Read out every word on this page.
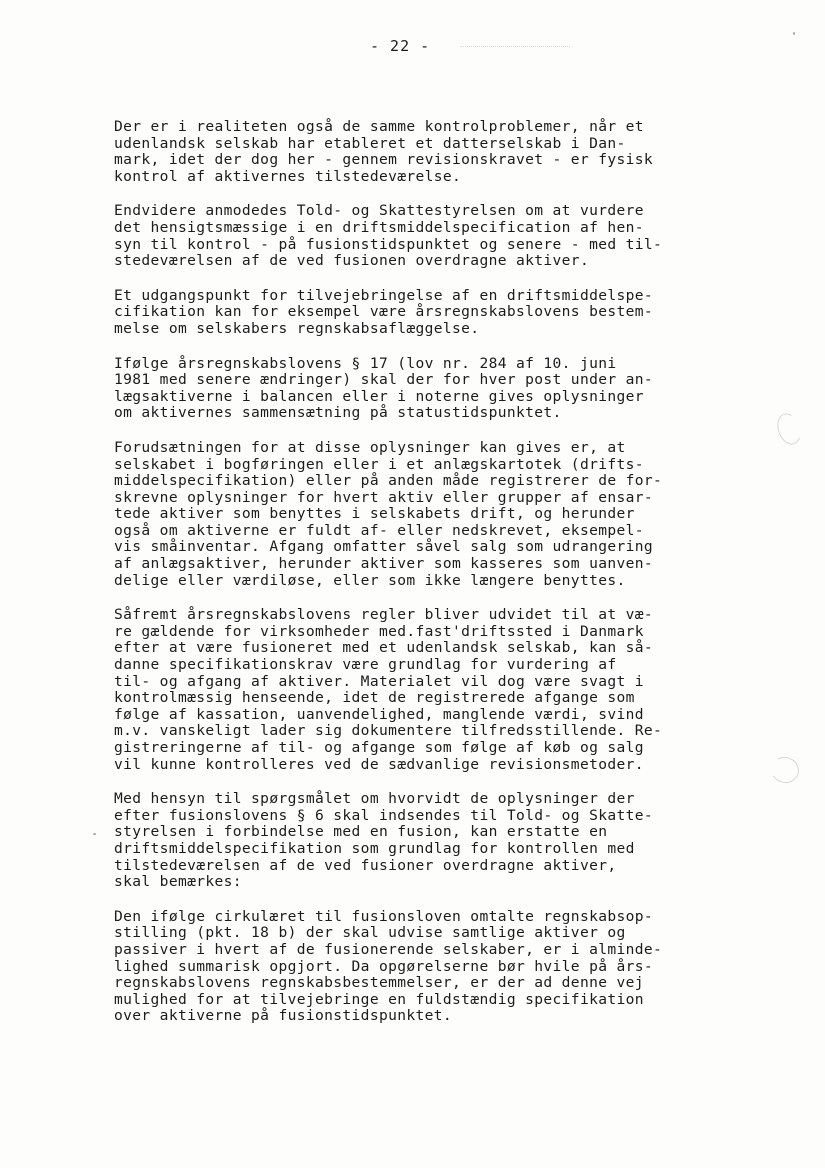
- 22 -
Der er i realiteten også de samme kontrolproblemer, når et
udenlandsk selskab har etableret et datterselskab i Dan-
mark, idet der dog her - gennem revisionskravet - er fysisk
kontrol af aktivernes tilstedeværelse.
Endvidere anmodedes Told- og Skattestyrelsen om at vurdere
det hensigtsmæssige i en driftsmiddelspecification af hen-
syn til kontrol - på fusionstidspunktet og senere - med til-
stedeværelsen af de ved fusionen overdragne aktiver.
Et udgangspunkt for tilvejebringelse af en driftsmiddelspe-
cifikation kan for eksempel være årsregnskabslovens bestem-
melse om selskabers regnskabsaflæggelse.
Ifølge årsregnskabslovens § 17 (lov nr. 284 af 10. juni
1981 med senere ændringer) skal der for hver post under an-
lægsaktiverne i balancen eller i noterne gives oplysninger
om aktivernes sammensætning på statustidspunktet.
Forudsætningen for at disse oplysninger kan gives er, at
selskabet i bogføringen eller i et anlægskartotek (drifts-
middelspecifikation) eller på anden måde registrerer de for-
skrevne oplysninger for hvert aktiv eller grupper af ensar-
tede aktiver som benyttes i selskabets drift, og herunder
også om aktiverne er fuldt af- eller nedskrevet, eksempel-
vis småinventar. Afgang omfatter såvel salg som udrangering
af anlægsaktiver, herunder aktiver som kasseres som uanven-
delige eller værdiløse, eller som ikke længere benyttes.
Såfremt årsregnskabslovens regler bliver udvidet til at væ-
re gældende for virksomheder med.fast'driftssted i Danmark
efter at være fusioneret med et udenlandsk selskab, kan så-
danne specifikationskrav være grundlag for vurdering af
til- og afgang af aktiver. Materialet vil dog være svagt i
kontrolmæssig henseende, idet de registrerede afgange som
følge af kassation, uanvendelighed, manglende værdi, svind
m.v. vanskeligt lader sig dokumentere tilfredsstillende. Re-
gistreringerne af til- og afgange som følge af køb og salg
vil kunne kontrolleres ved de sædvanlige revisionsmetoder.
Med hensyn til spørgsmålet om hvorvidt de oplysninger der
efter fusionslovens § 6 skal indsendes til Told- og Skatte-
styrelsen i forbindelse med en fusion, kan erstatte en
driftsmiddelspecifikation som grundlag for kontrollen med
tilstedeværelsen af de ved fusioner overdragne aktiver,
skal bemærkes:
Den ifølge cirkulæret til fusionsloven omtalte regnskabsop-
stilling (pkt. 18 b) der skal udvise samtlige aktiver og
passiver i hvert af de fusionerende selskaber, er i alminde-
lighed summarisk opgjort. Da opgørelserne bør hvile på års-
regnskabslovens regnskabsbestemmelser, er der ad denne vej
mulighed for at tilvejebringe en fuldstændig specifikation
over aktiverne på fusionstidspunktet.
